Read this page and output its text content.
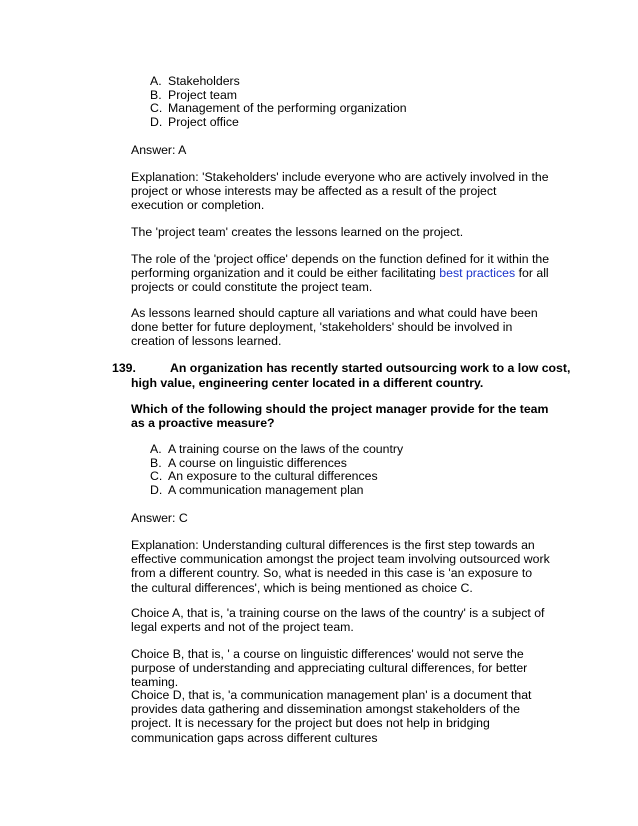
A. Stakeholders
B. Project team
C. Management of the performing organization
D. Project office

Answer: A

Explanation: 'Stakeholders' include everyone who are actively involved in the project or whose interests may be affected as a result of the project execution or completion.

The 'project team' creates the lessons learned on the project.

The role of the 'project office' depends on the function defined for it within the performing organization and it could be either facilitating best practices for all projects or could constitute the project team.

As lessons learned should capture all variations and what could have been done better for future deployment, 'stakeholders' should be involved in creation of lessons learned.

139.	An organization has recently started outsourcing work to a low cost,
high value, engineering center located in a different country.

Which of the following should the project manager provide for the team as a proactive measure?

A. A training course on the laws of the country
B. A course on linguistic differences
C. An exposure to the cultural differences
D. A communication management plan

Answer: C

Explanation: Understanding cultural differences is the first step towards an effective communication amongst the project team involving outsourced work from a different country. So, what is needed in this case is 'an exposure to the cultural differences', which is being mentioned as choice C.

Choice A, that is, 'a training course on the laws of the country' is a subject of legal experts and not of the project team.

Choice B, that is, ' a course on linguistic differences' would not serve the purpose of understanding and appreciating cultural differences, for better teaming.

Choice D, that is, 'a communication management plan' is a document that provides data gathering and dissemination amongst stakeholders of the project. It is necessary for the project but does not help in bridging communication gaps across different cultures
